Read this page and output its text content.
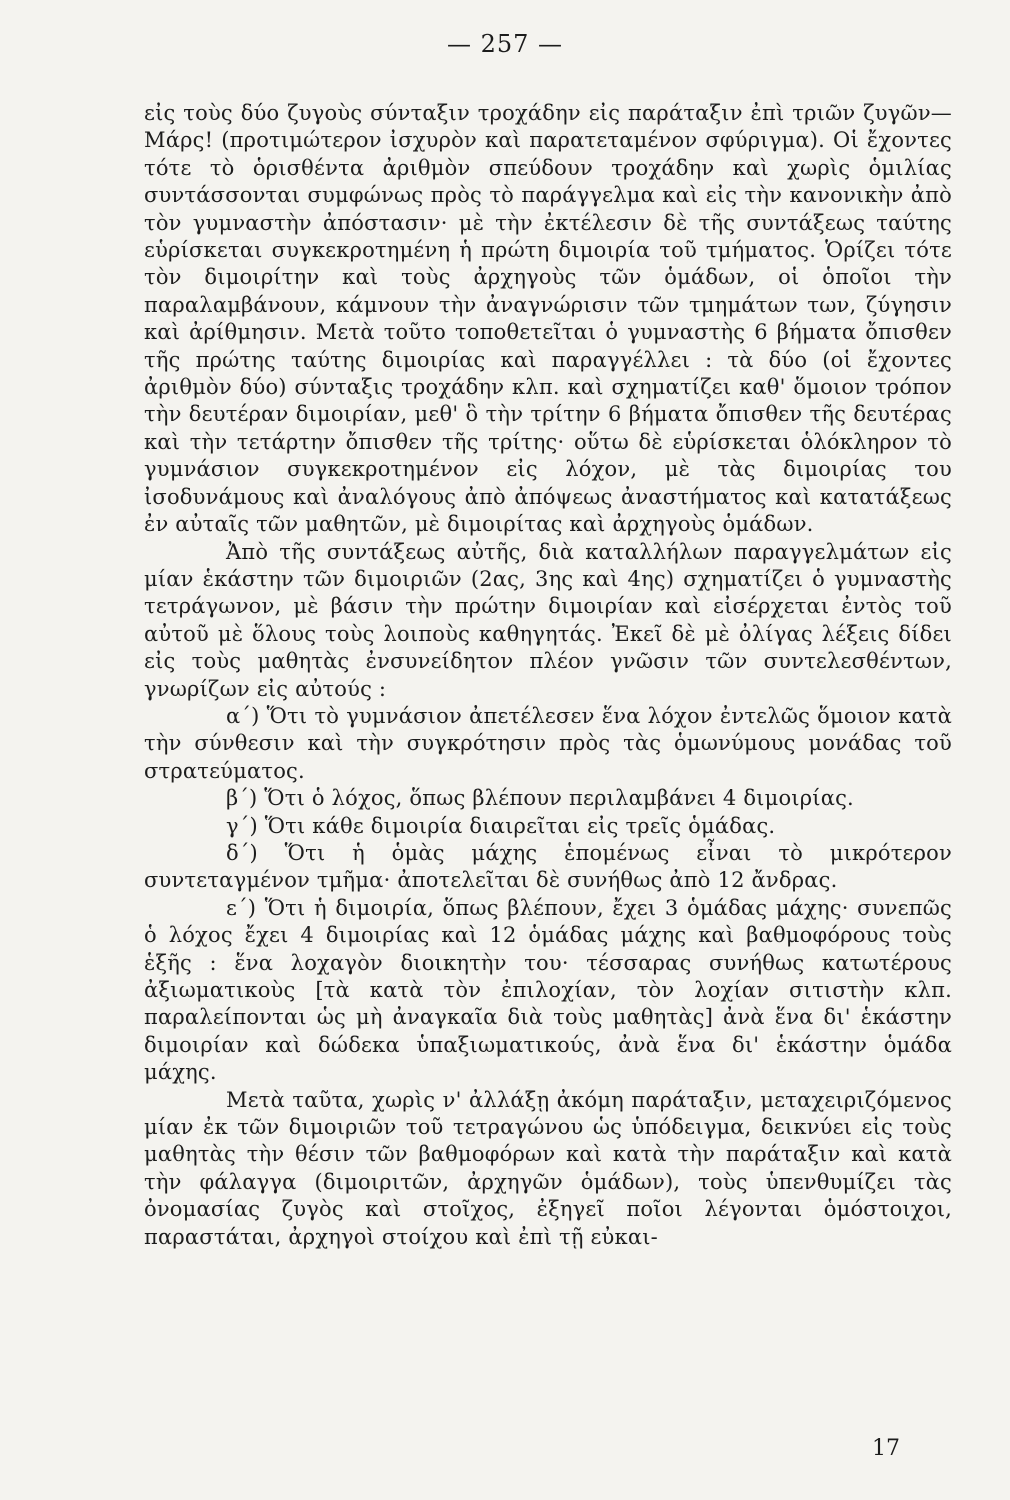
— 257 —

εἰς τοὺς δύο ζυγοὺς σύνταξιν τροχάδην εἰς παράταξιν ἐπὶ τριῶν ζυγῶν—Μάρς! (προτιμώτερον ἰσχυρὸν καὶ παρατεταμένον σφύριγμα). Οἱ ἔχοντες τότε τὸ ὁρισθέντα ἀριθμὸν σπεύδουν τροχάδην καὶ χωρὶς ὁμιλίας συντάσσονται συμφώνως πρὸς τὸ παράγγελμα καὶ εἰς τὴν κανονικὴν ἀπὸ τὸν γυμναστὴν ἀπόστασιν· μὲ τὴν ἐκτέλεσιν δὲ τῆς συντάξεως ταύτης εὑρίσκεται συγκεκροτημένη ἡ πρώτη διμοιρία τοῦ τμήματος. Ὁρίζει τότε τὸν διμοιρίτην καὶ τοὺς ἀρχηγοὺς τῶν ὁμάδων, οἱ ὁποῖοι τὴν παραλαμβάνουν, κάμνουν τὴν ἀναγνώρισιν τῶν τμημάτων των, ζύγησιν καὶ ἀρίθμησιν. Μετὰ τοῦτο τοποθετεῖται ὁ γυμναστὴς 6 βήματα ὄπισθεν τῆς πρώτης ταύτης διμοιρίας καὶ παραγγέλλει : τὰ δύο (οἱ ἔχοντες ἀριθμὸν δύο) σύνταξις τροχάδην κλπ. καὶ σχηματίζει καθ' ὅμοιον τρόπον τὴν δευτέραν διμοιρίαν, μεθ' ὃ τὴν τρίτην 6 βήματα ὄπισθεν τῆς δευτέρας καὶ τὴν τετάρτην ὄπισθεν τῆς τρίτης· οὕτω δὲ εὑρίσκεται ὁλόκληρον τὸ γυμνάσιον συγκεκροτημένον εἰς λόχον, μὲ τὰς διμοιρίας του ἰσοδυνάμους καὶ ἀναλόγους ἀπὸ ἀπόψεως ἀναστήματος καὶ κατατάξεως ἐν αὐταῖς τῶν μαθητῶν, μὲ διμοιρίτας καὶ ἀρχηγοὺς ὁμάδων.

Ἀπὸ τῆς συντάξεως αὐτῆς, διὰ καταλλήλων παραγγελμάτων εἰς μίαν ἑκάστην τῶν διμοιριῶν (2ας, 3ης καὶ 4ης) σχηματίζει ὁ γυμναστὴς τετράγωνον, μὲ βάσιν τὴν πρώτην διμοιρίαν καὶ εἰσέρχεται ἐντὸς τοῦ αὐτοῦ μὲ ὅλους τοὺς λοιποὺς καθηγητάς. Ἐκεῖ δὲ μὲ ὀλίγας λέξεις δίδει εἰς τοὺς μαθητὰς ἐνσυνείδητον πλέον γνῶσιν τῶν συντελεσθέντων, γνωρίζων εἰς αὐτούς :

α΄) Ὅτι τὸ γυμνάσιον ἀπετέλεσεν ἕνα λόχον ἐντελῶς ὅμοιον κατὰ τὴν σύνθεσιν καὶ τὴν συγκρότησιν πρὸς τὰς ὁμωνύμους μονάδας τοῦ στρατεύματος.

β΄) Ὅτι ὁ λόχος, ὅπως βλέπουν περιλαμβάνει 4 διμοιρίας.

γ΄) Ὅτι κάθε διμοιρία διαιρεῖται εἰς τρεῖς ὁμάδας.

δ΄) Ὅτι ἡ ὁμὰς μάχης ἑπομένως εἶναι τὸ μικρότερον συντεταγμένον τμῆμα· ἀποτελεῖται δὲ συνήθως ἀπὸ 12 ἄνδρας.

ε΄) Ὅτι ἡ διμοιρία, ὅπως βλέπουν, ἔχει 3 ὁμάδας μάχης· συνεπῶς ὁ λόχος ἔχει 4 διμοιρίας καὶ 12 ὁμάδας μάχης καὶ βαθμοφόρους τοὺς ἑξῆς : ἕνα λοχαγὸν διοικητὴν του· τέσσαρας συνήθως κατωτέρους ἀξιωματικοὺς [τὰ κατὰ τὸν ἐπιλοχίαν, τὸν λοχίαν σιτιστὴν κλπ. παραλείπονται ὡς μὴ ἀναγκαῖα διὰ τοὺς μαθητὰς] ἀνὰ ἕνα δι' ἑκάστην διμοιρίαν καὶ δώδεκα ὑπαξιωματικούς, ἀνὰ ἕνα δι' ἑκάστην ὁμάδα μάχης.

Μετὰ ταῦτα, χωρὶς ν' ἀλλάξῃ ἀκόμη παράταξιν, μεταχειριζόμενος μίαν ἐκ τῶν διμοιριῶν τοῦ τετραγώνου ὡς ὑπόδειγμα, δεικνύει εἰς τοὺς μαθητὰς τὴν θέσιν τῶν βαθμοφόρων καὶ κατὰ τὴν παράταξιν καὶ κατὰ τὴν φάλαγγα (διμοιριτῶν, ἀρχηγῶν ὁμάδων), τοὺς ὑπενθυμίζει τὰς ὀνομασίας ζυγὸς καὶ στοῖχος, ἐξηγεῖ ποῖοι λέγονται ὁμόστοιχοι, παραστάται, ἀρχηγοὶ στοίχου καὶ ἐπὶ τῇ εὐκαι-

17
